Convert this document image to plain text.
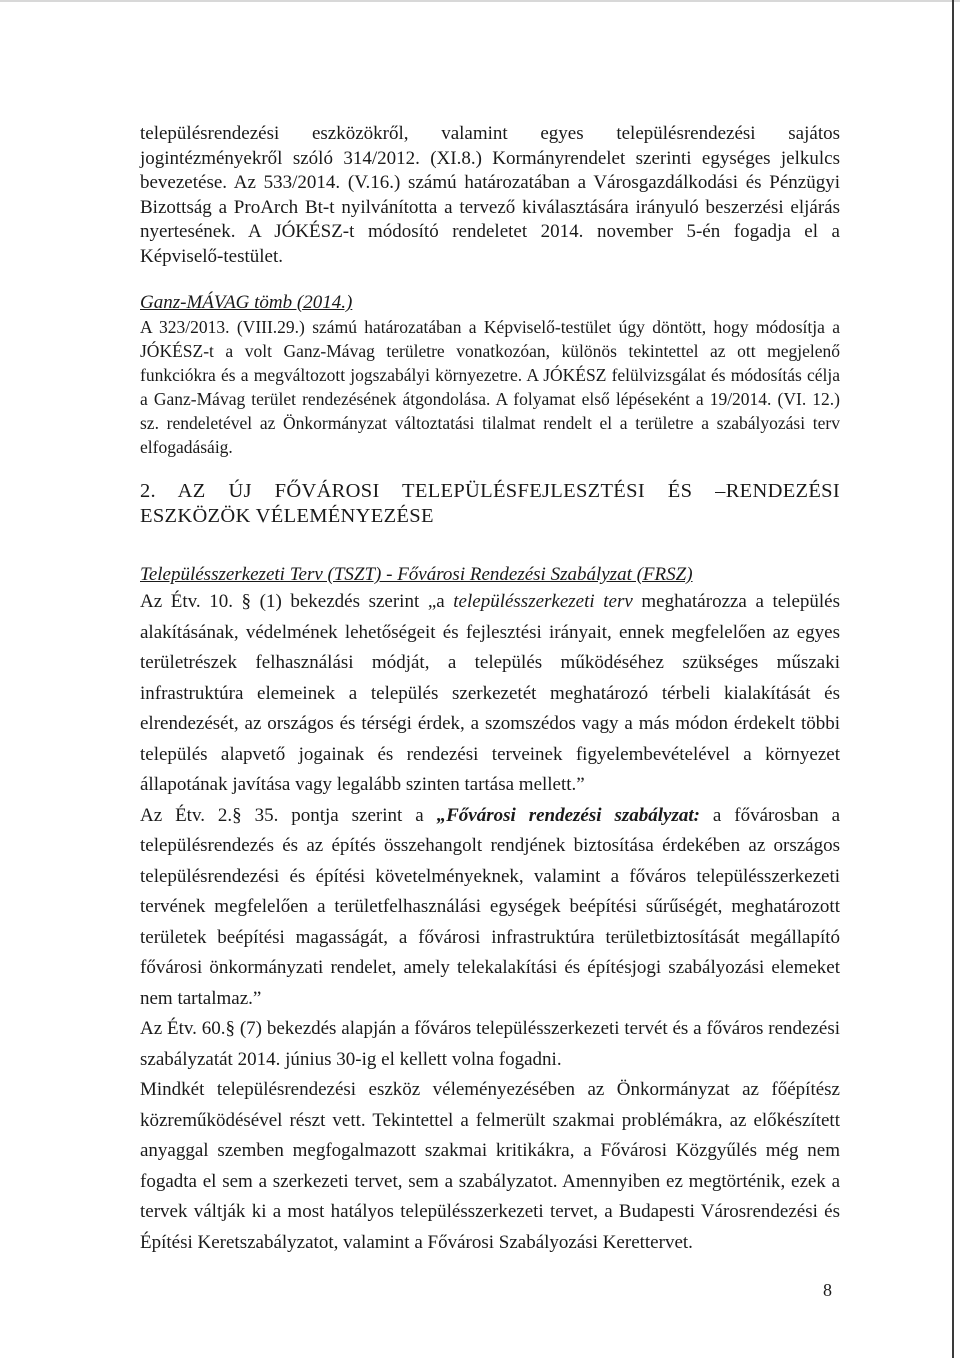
településrendezési eszközökről, valamint egyes településrendezési sajátos jogintézményekről szóló 314/2012. (XI.8.) Kormányrendelet szerinti egységes jelkulcs bevezetése. Az 533/2014. (V.16.) számú határozatában a Városgazdálkodási és Pénzügyi Bizottság a ProArch Bt-t nyilvánította a tervező kiválasztására irányuló beszerzési eljárás nyertesének. A JÓKÉSZ-t módosító rendeletet 2014. november 5-én fogadja el a Képviselő-testület.

Ganz-MÁVAG tömb (2014.)

A 323/2013. (VIII.29.) számú határozatában a Képviselő-testület úgy döntött, hogy módosítja a JÓKÉSZ-t a volt Ganz-Mávag területre vonatkozóan, különös tekintettel az ott megjelenő funkciókra és a megváltozott jogszabályi környezetre. A JÓKÉSZ felülvizsgálat és módosítás célja a Ganz-Mávag terület rendezésének átgondolása. A folyamat első lépéseként a 19/2014. (VI. 12.) sz. rendeletével az Önkormányzat változtatási tilalmat rendelt el a területre a szabályozási terv elfogadásáig.

2. AZ ÚJ FŐVÁROSI TELEPÜLÉSFEJLESZTÉSI ÉS –RENDEZÉSI ESZKÖZÖK VÉLEMÉNYEZÉSE

Településszerkezeti Terv (TSZT) - Fővárosi Rendezési Szabályzat (FRSZ)

Az Étv. 10. § (1) bekezdés szerint „a településszerkezeti terv meghatározza a település alakításának, védelmének lehetőségeit és fejlesztési irányait, ennek megfelelően az egyes területrészek felhasználási módját, a település működéséhez szükséges műszaki infrastruktúra elemeinek a település szerkezetét meghatározó térbeli kialakítását és elrendezését, az országos és térségi érdek, a szomszédos vagy a más módon érdekelt többi település alapvető jogainak és rendezési terveinek figyelembevételével a környezet állapotának javítása vagy legalább szinten tartása mellett.”

Az Étv. 2.§ 35. pontja szerint a „Fővárosi rendezési szabályzat: a fővárosban a településrendezés és az építés összehangolt rendjének biztosítása érdekében az országos településrendezési és építési követelményeknek, valamint a főváros településszerkezeti tervének megfelelően a területfelhasználási egységek beépítési sűrűségét, meghatározott területek beépítési magasságát, a fővárosi infrastruktúra területbiztosítását megállapító fővárosi önkormányzati rendelet, amely telekalakítási és építésjogi szabályozási elemeket nem tartalmaz.”

Az Étv. 60.§ (7) bekezdés alapján a főváros településszerkezeti tervét és a főváros rendezési szabályzatát 2014. június 30-ig el kellett volna fogadni.

Mindkét településrendezési eszköz véleményezésében az Önkormányzat az főépítész közreműködésével részt vett. Tekintettel a felmerült szakmai problémákra, az előkészített anyaggal szemben megfogalmazott szakmai kritikákra, a Fővárosi Közgyűlés még nem fogadta el sem a szerkezeti tervet, sem a szabályzatot. Amennyiben ez megtörténik, ezek a tervek váltják ki a most hatályos településszerkezeti tervet, a Budapesti Városrendezési és Építési Keretszabályzatot, valamint a Fővárosi Szabályozási Kerettervet.

8
